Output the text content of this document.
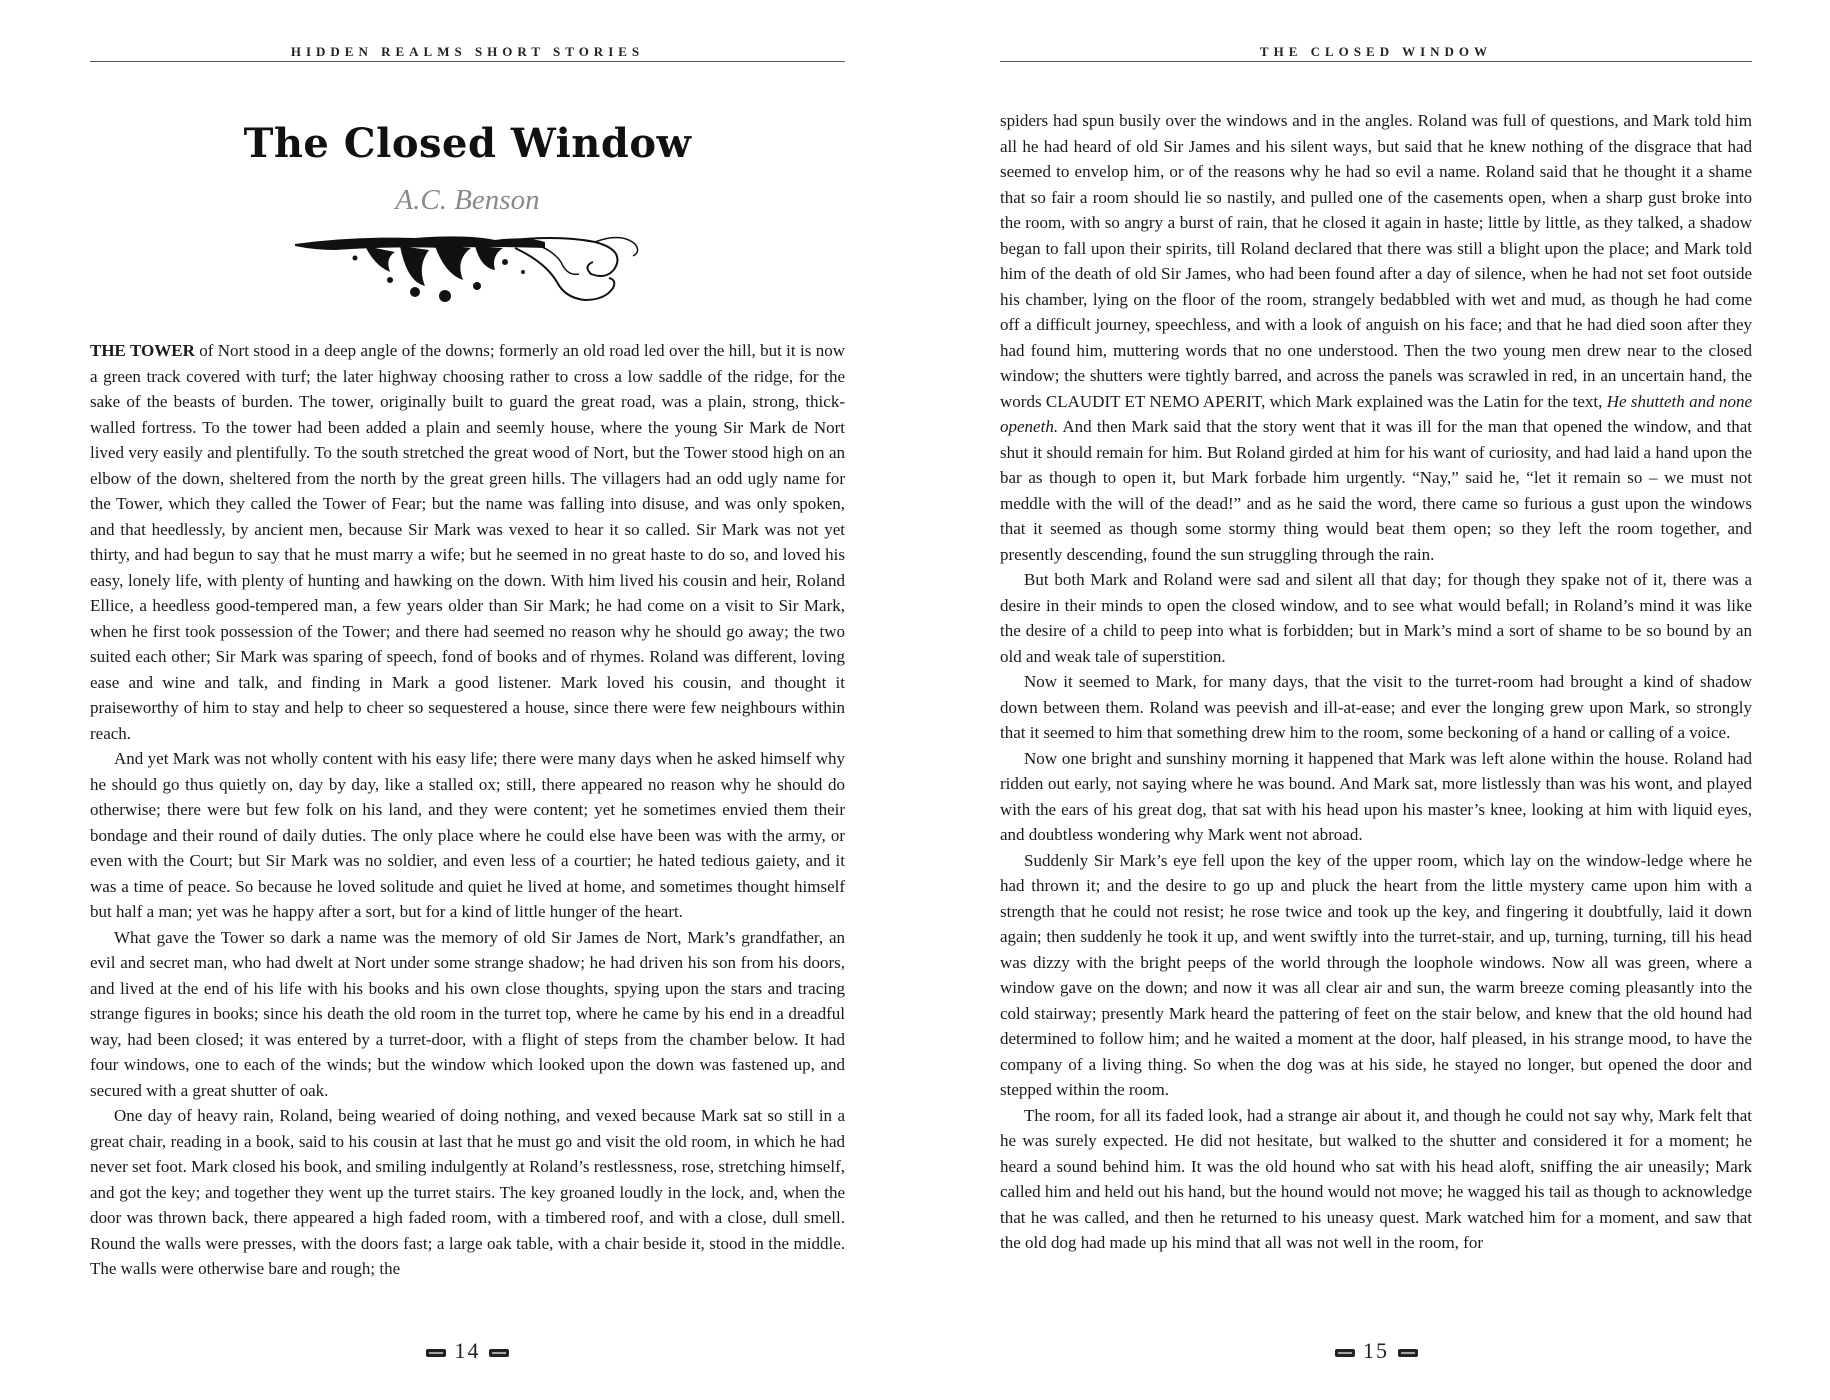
HIDDEN REALMS SHORT STORIES
The Closed Window
A.C. Benson

THE TOWER of Nort stood in a deep angle of the downs; formerly an old road led over the hill, but it is now a green track covered with turf; the later highway choosing rather to cross a low saddle of the ridge, for the sake of the beasts of burden. The tower, originally built to guard the great road, was a plain, strong, thick-walled fortress. To the tower had been added a plain and seemly house, where the young Sir Mark de Nort lived very easily and plentifully. To the south stretched the great wood of Nort, but the Tower stood high on an elbow of the down, sheltered from the north by the great green hills. The villagers had an odd ugly name for the Tower, which they called the Tower of Fear; but the name was falling into disuse, and was only spoken, and that heedlessly, by ancient men, because Sir Mark was vexed to hear it so called. Sir Mark was not yet thirty, and had begun to say that he must marry a wife; but he seemed in no great haste to do so, and loved his easy, lonely life, with plenty of hunting and hawking on the down. With him lived his cousin and heir, Roland Ellice, a heedless good-tempered man, a few years older than Sir Mark; he had come on a visit to Sir Mark, when he first took possession of the Tower; and there had seemed no reason why he should go away; the two suited each other; Sir Mark was sparing of speech, fond of books and of rhymes. Roland was different, loving ease and wine and talk, and finding in Mark a good listener. Mark loved his cousin, and thought it praiseworthy of him to stay and help to cheer so sequestered a house, since there were few neighbours within reach.

And yet Mark was not wholly content with his easy life; there were many days when he asked himself why he should go thus quietly on, day by day, like a stalled ox; still, there appeared no reason why he should do otherwise; there were but few folk on his land, and they were content; yet he sometimes envied them their bondage and their round of daily duties. The only place where he could else have been was with the army, or even with the Court; but Sir Mark was no soldier, and even less of a courtier; he hated tedious gaiety, and it was a time of peace. So because he loved solitude and quiet he lived at home, and sometimes thought himself but half a man; yet was he happy after a sort, but for a kind of little hunger of the heart.

What gave the Tower so dark a name was the memory of old Sir James de Nort, Mark’s grandfather, an evil and secret man, who had dwelt at Nort under some strange shadow; he had driven his son from his doors, and lived at the end of his life with his books and his own close thoughts, spying upon the stars and tracing strange figures in books; since his death the old room in the turret top, where he came by his end in a dreadful way, had been closed; it was entered by a turret-door, with a flight of steps from the chamber below. It had four windows, one to each of the winds; but the window which looked upon the down was fastened up, and secured with a great shutter of oak.

One day of heavy rain, Roland, being wearied of doing nothing, and vexed because Mark sat so still in a great chair, reading in a book, said to his cousin at last that he must go and visit the old room, in which he had never set foot. Mark closed his book, and smiling indulgently at Roland’s restlessness, rose, stretching himself, and got the key; and together they went up the turret stairs. The key groaned loudly in the lock, and, when the door was thrown back, there appeared a high faded room, with a timbered roof, and with a close, dull smell. Round the walls were presses, with the doors fast; a large oak table, with a chair beside it, stood in the middle. The walls were otherwise bare and rough; the

14
THE CLOSED WINDOW

spiders had spun busily over the windows and in the angles. Roland was full of questions, and Mark told him all he had heard of old Sir James and his silent ways, but said that he knew nothing of the disgrace that had seemed to envelop him, or of the reasons why he had so evil a name. Roland said that he thought it a shame that so fair a room should lie so nastily, and pulled one of the casements open, when a sharp gust broke into the room, with so angry a burst of rain, that he closed it again in haste; little by little, as they talked, a shadow began to fall upon their spirits, till Roland declared that there was still a blight upon the place; and Mark told him of the death of old Sir James, who had been found after a day of silence, when he had not set foot outside his chamber, lying on the floor of the room, strangely bedabbled with wet and mud, as though he had come off a difficult journey, speechless, and with a look of anguish on his face; and that he had died soon after they had found him, muttering words that no one understood. Then the two young men drew near to the closed window; the shutters were tightly barred, and across the panels was scrawled in red, in an uncertain hand, the words CLAUDIT ET NEMO APERIT, which Mark explained was the Latin for the text, He shutteth and none openeth. And then Mark said that the story went that it was ill for the man that opened the window, and that shut it should remain for him. But Roland girded at him for his want of curiosity, and had laid a hand upon the bar as though to open it, but Mark forbade him urgently. “Nay,” said he, “let it remain so – we must not meddle with the will of the dead!” and as he said the word, there came so furious a gust upon the windows that it seemed as though some stormy thing would beat them open; so they left the room together, and presently descending, found the sun struggling through the rain.

But both Mark and Roland were sad and silent all that day; for though they spake not of it, there was a desire in their minds to open the closed window, and to see what would befall; in Roland’s mind it was like the desire of a child to peep into what is forbidden; but in Mark’s mind a sort of shame to be so bound by an old and weak tale of superstition.

Now it seemed to Mark, for many days, that the visit to the turret-room had brought a kind of shadow down between them. Roland was peevish and ill-at-ease; and ever the longing grew upon Mark, so strongly that it seemed to him that something drew him to the room, some beckoning of a hand or calling of a voice.

Now one bright and sunshiny morning it happened that Mark was left alone within the house. Roland had ridden out early, not saying where he was bound. And Mark sat, more listlessly than was his wont, and played with the ears of his great dog, that sat with his head upon his master’s knee, looking at him with liquid eyes, and doubtless wondering why Mark went not abroad.

Suddenly Sir Mark’s eye fell upon the key of the upper room, which lay on the window-ledge where he had thrown it; and the desire to go up and pluck the heart from the little mystery came upon him with a strength that he could not resist; he rose twice and took up the key, and fingering it doubtfully, laid it down again; then suddenly he took it up, and went swiftly into the turret-stair, and up, turning, turning, till his head was dizzy with the bright peeps of the world through the loophole windows. Now all was green, where a window gave on the down; and now it was all clear air and sun, the warm breeze coming pleasantly into the cold stairway; presently Mark heard the pattering of feet on the stair below, and knew that the old hound had determined to follow him; and he waited a moment at the door, half pleased, in his strange mood, to have the company of a living thing. So when the dog was at his side, he stayed no longer, but opened the door and stepped within the room.

The room, for all its faded look, had a strange air about it, and though he could not say why, Mark felt that he was surely expected. He did not hesitate, but walked to the shutter and considered it for a moment; he heard a sound behind him. It was the old hound who sat with his head aloft, sniffing the air uneasily; Mark called him and held out his hand, but the hound would not move; he wagged his tail as though to acknowledge that he was called, and then he returned to his uneasy quest. Mark watched him for a moment, and saw that the old dog had made up his mind that all was not well in the room, for

15
